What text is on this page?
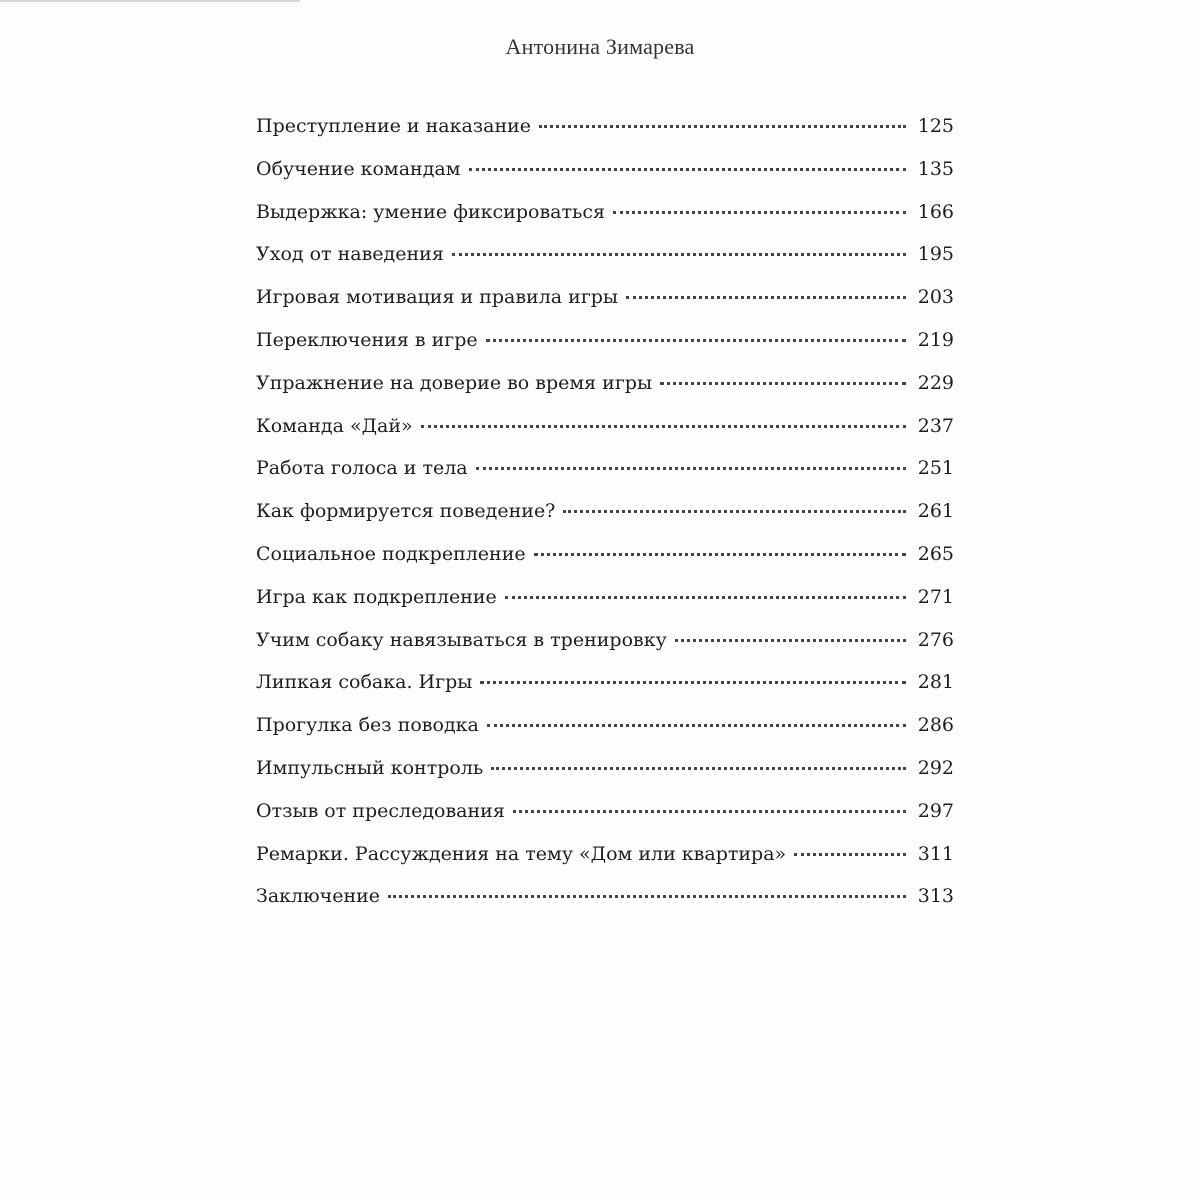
Антонина Зимарева
Преступление и наказание	125
Обучение командам	135
Выдержка: умение фиксироваться	166
Уход от наведения	195
Игровая мотивация и правила игры	203
Переключения в игре	219
Упражнение на доверие во время игры	229
Команда «Дай»	237
Работа голоса и тела	251
Как формируется поведение?	261
Социальное подкрепление	265
Игра как подкрепление	271
Учим собаку навязываться в тренировку	276
Липкая собака. Игры	281
Прогулка без поводка	286
Импульсный контроль	292
Отзыв от преследования	297
Ремарки. Рассуждения на тему «Дом или квартира»	311
Заключение	313
